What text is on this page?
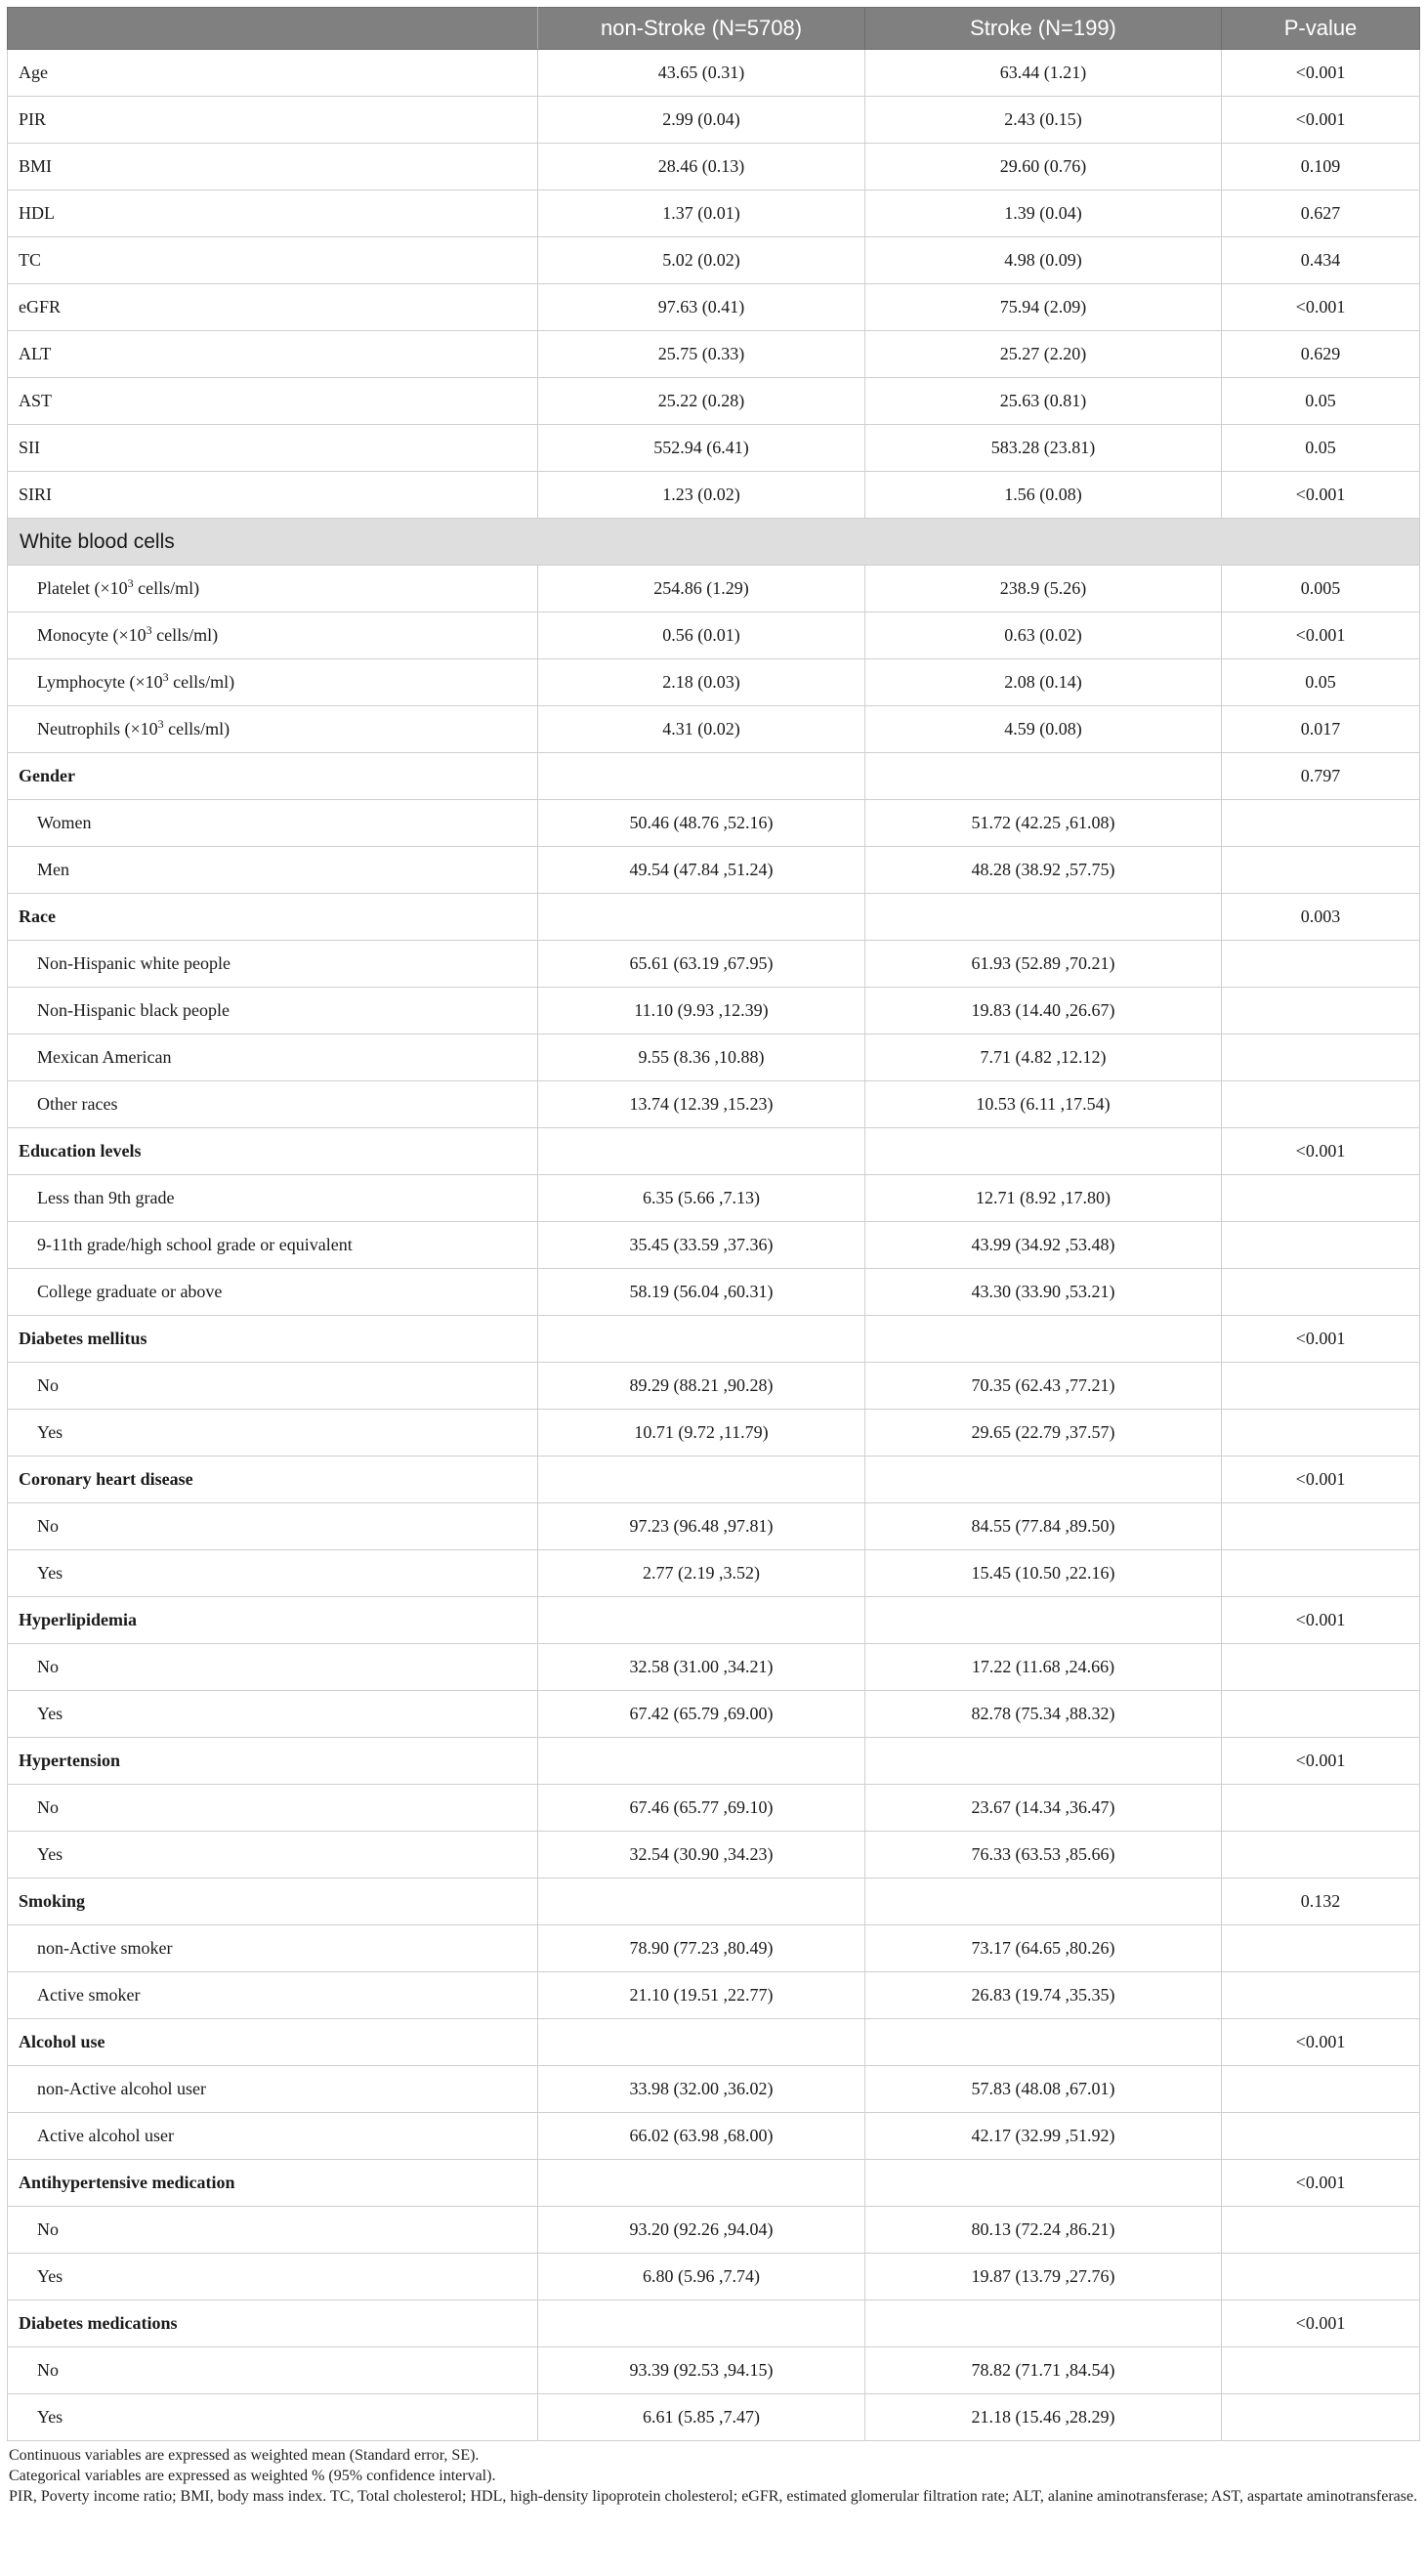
	non-Stroke (N=5708)	Stroke (N=199)	P-value
Age	43.65 (0.31)	63.44 (1.21)	<0.001
PIR	2.99 (0.04)	2.43 (0.15)	<0.001
BMI	28.46 (0.13)	29.60 (0.76)	0.109
HDL	1.37 (0.01)	1.39 (0.04)	0.627
TC	5.02 (0.02)	4.98 (0.09)	0.434
eGFR	97.63 (0.41)	75.94 (2.09)	<0.001
ALT	25.75 (0.33)	25.27 (2.20)	0.629
AST	25.22 (0.28)	25.63 (0.81)	0.05
SII	552.94 (6.41)	583.28 (23.81)	0.05
SIRI	1.23 (0.02)	1.56 (0.08)	<0.001
White blood cells			
Platelet ($\times 10^3$ cells/ml)	254.86 (1.29)	238.9 (5.26)	0.005
Monocyte ($\times 10^3$ cells/ml)	0.56 (0.01)	0.63 (0.02)	<0.001
Lymphocyte ($\times 10^3$ cells/ml)	2.18 (0.03)	2.08 (0.14)	0.05
Neutrophils ($\times 10^3$ cells/ml)	4.31 (0.02)	4.59 (0.08)	0.017
Gender			0.797
Women	50.46 (48.76 ,52.16)	51.72 (42.25 ,61.08)	
Men	49.54 (47.84 ,51.24)	48.28 (38.92 ,57.75)	
Race			0.003
Non-Hispanic white people	65.61 (63.19 ,67.95)	61.93 (52.89 ,70.21)	
Non-Hispanic black people	11.10 (9.93 ,12.39)	19.83 (14.40 ,26.67)	
Mexican American	9.55 (8.36 ,10.88)	7.71 (4.82 ,12.12)	
Other races	13.74 (12.39 ,15.23)	10.53 (6.11 ,17.54)	
Education levels			<0.001
Less than 9th grade	6.35 (5.66 ,7.13)	12.71 (8.92 ,17.80)	
9-11th grade/high school grade or equivalent	35.45 (33.59 ,37.36)	43.99 (34.92 ,53.48)	
College graduate or above	58.19 (56.04 ,60.31)	43.30 (33.90 ,53.21)	
Diabetes mellitus			<0.001
No	89.29 (88.21 ,90.28)	70.35 (62.43 ,77.21)	
Yes	10.71 (9.72 ,11.79)	29.65 (22.79 ,37.57)	
Coronary heart disease			<0.001
No	97.23 (96.48 ,97.81)	84.55 (77.84 ,89.50)	
Yes	2.77 (2.19 ,3.52)	15.45 (10.50 ,22.16)	
Hyperlipidemia			<0.001
No	32.58 (31.00 ,34.21)	17.22 (11.68 ,24.66)	
Yes	67.42 (65.79 ,69.00)	82.78 (75.34 ,88.32)	
Hypertension			<0.001
No	67.46 (65.77 ,69.10)	23.67 (14.34 ,36.47)	
Yes	32.54 (30.90 ,34.23)	76.33 (63.53 ,85.66)	
Smoking			0.132
non-Active smoker	78.90 (77.23 ,80.49)	73.17 (64.65 ,80.26)	
Active smoker	21.10 (19.51 ,22.77)	26.83 (19.74 ,35.35)	
Alcohol use			<0.001
non-Active alcohol user	33.98 (32.00 ,36.02)	57.83 (48.08 ,67.01)	
Active alcohol user	66.02 (63.98 ,68.00)	42.17 (32.99 ,51.92)	
Antihypertensive medication			<0.001
No	93.20 (92.26 ,94.04)	80.13 (72.24 ,86.21)	
Yes	6.80 (5.96 ,7.74)	19.87 (13.79 ,27.76)	
Diabetes medications			<0.001
No	93.39 (92.53 ,94.15)	78.82 (71.71 ,84.54)	
Yes	6.61 (5.85 ,7.47)	21.18 (15.46 ,28.29)	

Continuous variables are expressed as weighted mean (Standard error, SE).

Categorical variables are expressed as weighted % (95% confidence interval).

PIR, Poverty income ratio; BMI, body mass index. TC, Total cholesterol; HDL, high-density lipoprotein cholesterol; eGFR, estimated glomerular filtration rate; ALT, alanine aminotransferase; AST, aspartate aminotransferase.
